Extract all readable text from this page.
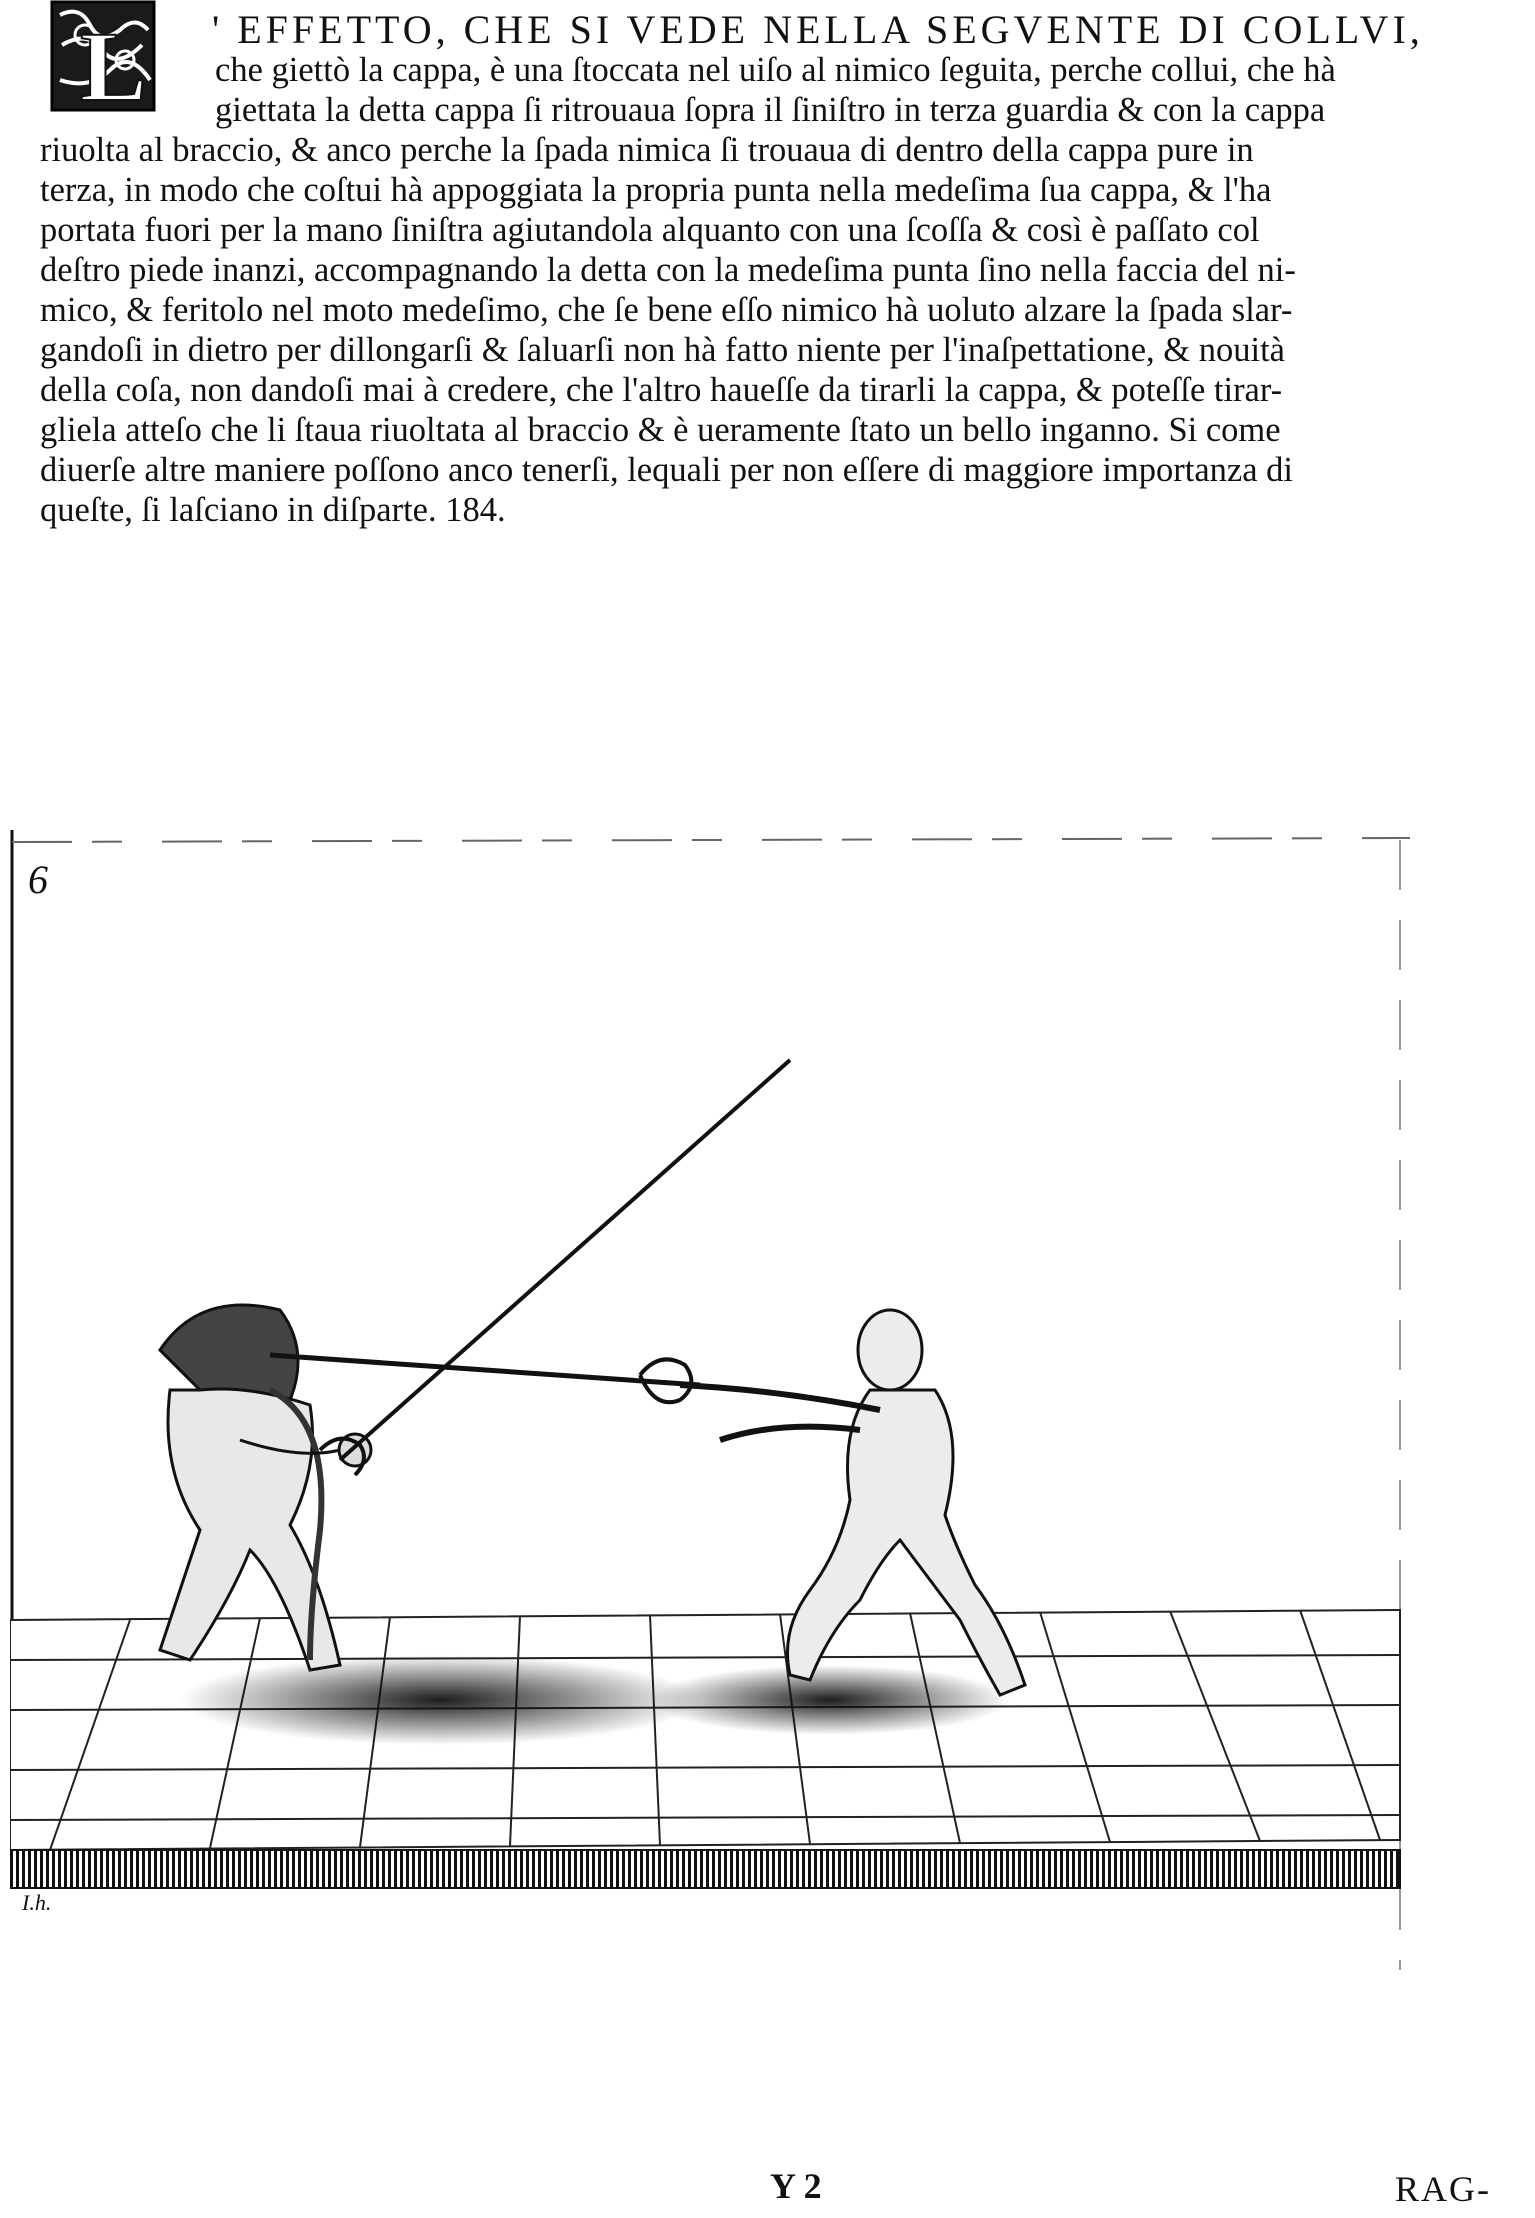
L ' EFFETTO, CHE SI VEDE NELLA SEGVENTE DI COLLVI,
che giettò la cappa, è una ſtoccata nel uiſo al nimico ſeguita, perche collui, che hà
giettata la detta cappa ſi ritrouaua ſopra il ſiniſtro in terza guardia & con la cappa
riuolta al braccio, & anco perche la ſpada nimica ſi trouaua di dentro della cappa pure in
terza, in modo che coſtui hà appoggiata la propria punta nella medeſima ſua cappa, & l'ha
portata fuori per la mano ſiniſtra agiutandola alquanto con una ſcoſſa & così è paſſato col
deſtro piede inanzi, accompagnando la detta con la medeſima punta ſino nella faccia del ni-
mico, & feritolo nel moto medeſimo, che ſe bene eſſo nimico hà uoluto alzare la ſpada slar-
gandoſi in dietro per dillongarſi & ſaluarſi non hà fatto niente per l'inaſpettatione, & nouità
della coſa, non dandoſi mai à credere, che l'altro haueſſe da tirarli la cappa, & poteſſe tirar-
gliela atteſo che li ſtaua riuoltata al braccio & è ueramente ſtato un bello inganno. Si come
diuerſe altre maniere poſſono anco tenerſi, lequali per non eſſere di maggiore importanza di
queſte, ſi laſciano in diſparte. 184.
6
I.h.
Y 2	RAG-
